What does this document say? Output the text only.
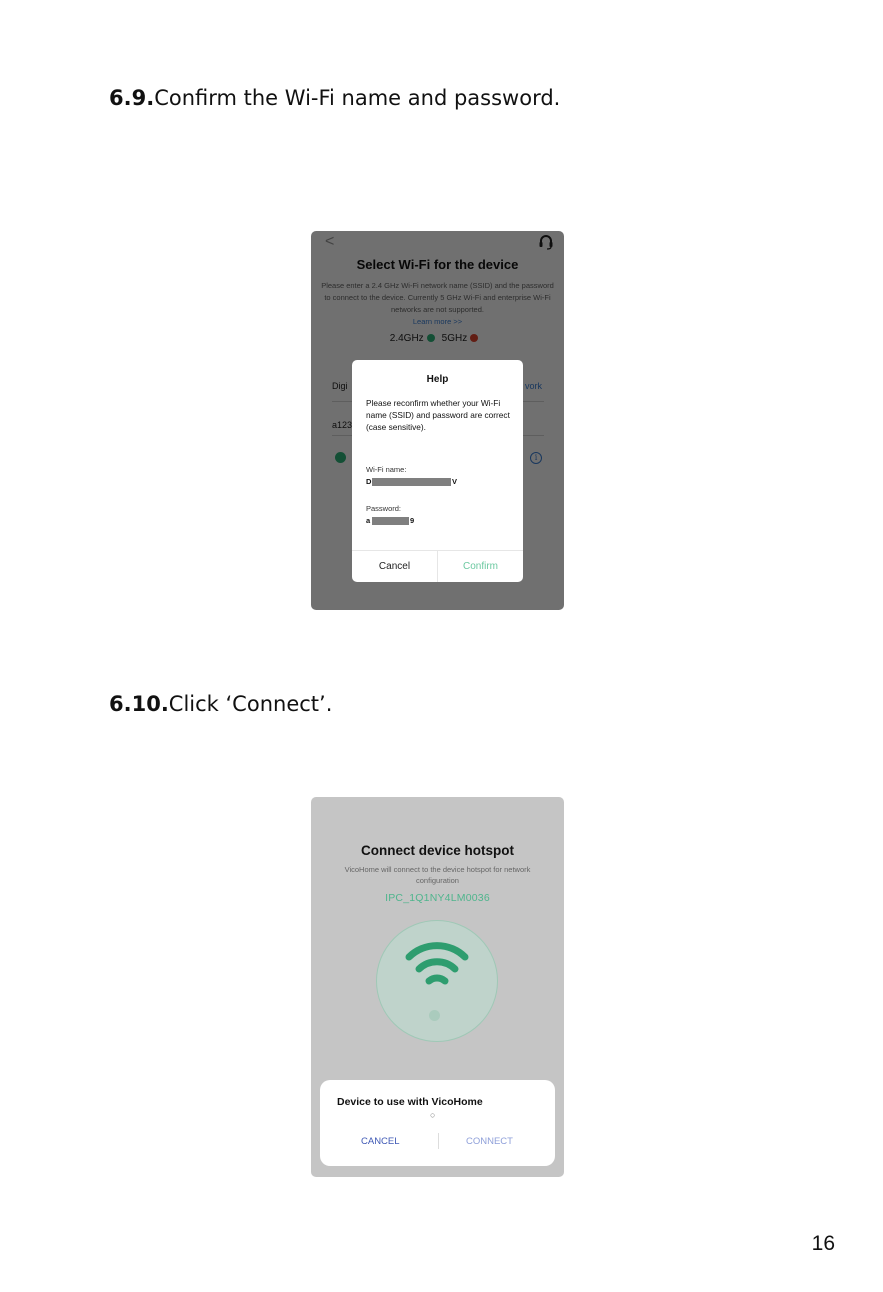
6.9.Confirm the Wi-Fi name and password.
Help
Please reconfirm whether your Wi-Fi name (SSID) and password are correct (case sensitive).
Wi-Fi name:
D	V
Password:
a	9
Cancel	Confirm
6.10.Click ‘Connect’.
Connect device hotspot
VicoHome will connect to the device hotspot for network configuration
IPC_1Q1NY4LM0036
Device to use with VicoHome
○
CANCEL	CONNECT
16
